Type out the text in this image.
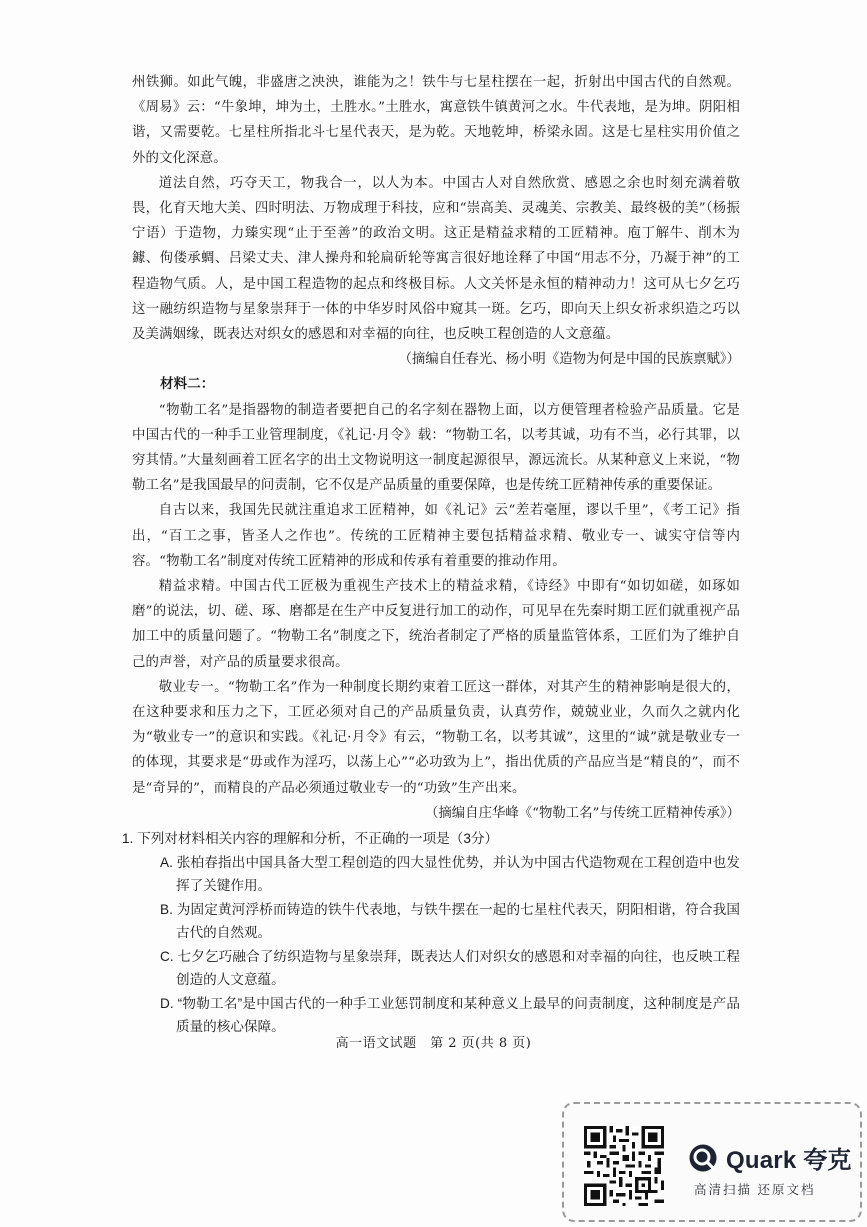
州铁狮。如此气魄，非盛唐之泱泱，谁能为之！铁牛与七星柱摆在一起，折射出中国古代的自然观。《周易》云：“牛象坤，坤为土，土胜水。”土胜水，寓意铁牛镇黄河之水。牛代表地，是为坤。阴阳相谐，又需要乾。七星柱所指北斗七星代表天，是为乾。天地乾坤，桥梁永固。这是七星柱实用价值之外的文化深意。

道法自然，巧夺天工，物我合一，以人为本。中国古人对自然欣赏、感恩之余也时刻充满着敬畏，化育天地大美、四时明法、万物成理于科技，应和“崇高美、灵魂美、宗教美、最终极的美”（杨振宁语）于造物，力臻实现“止于至善”的政治文明。这正是精益求精的工匠精神。庖丁解牛、削木为鐻、佝偻承蜩、吕梁丈夫、津人操舟和轮扁斫轮等寓言很好地诠释了中国“用志不分，乃凝于神”的工程造物气质。人，是中国工程造物的起点和终极目标。人文关怀是永恒的精神动力！这可从七夕乞巧这一融纺织造物与星象崇拜于一体的中华岁时风俗中窥其一斑。乞巧，即向天上织女祈求织造之巧以及美满姻缘，既表达对织女的感恩和对幸福的向往，也反映工程创造的人文意蕴。

（摘编自任春光、杨小明《造物为何是中国的民族禀赋》）

材料二：

“物勒工名”是指器物的制造者要把自己的名字刻在器物上面，以方便管理者检验产品质量。它是中国古代的一种手工业管理制度，《礼记·月令》载：“物勒工名，以考其诚，功有不当，必行其罪，以穷其情。”大量刻画着工匠名字的出土文物说明这一制度起源很早，源远流长。从某种意义上来说，“物勒工名”是我国最早的问责制，它不仅是产品质量的重要保障，也是传统工匠精神传承的重要保证。

自古以来，我国先民就注重追求工匠精神，如《礼记》云“差若毫厘，谬以千里”，《考工记》指出，“百工之事，皆圣人之作也”。传统的工匠精神主要包括精益求精、敬业专一、诚实守信等内容。“物勒工名”制度对传统工匠精神的形成和传承有着重要的推动作用。

精益求精。中国古代工匠极为重视生产技术上的精益求精，《诗经》中即有“如切如磋，如琢如磨”的说法，切、磋、琢、磨都是在生产中反复进行加工的动作，可见早在先秦时期工匠们就重视产品加工中的质量问题了。“物勒工名”制度之下，统治者制定了严格的质量监管体系，工匠们为了维护自己的声誉，对产品的质量要求很高。

敬业专一。“物勒工名”作为一种制度长期约束着工匠这一群体，对其产生的精神影响是很大的，在这种要求和压力之下，工匠必须对自己的产品质量负责，认真劳作，兢兢业业，久而久之就内化为“敬业专一”的意识和实践。《礼记·月令》有云，“物勒工名，以考其诚”，这里的“诚”就是敬业专一的体现，其要求是“毋或作为淫巧，以荡上心”“必功致为上”，指出优质的产品应当是“精良的”，而不是“奇异的”，而精良的产品必须通过敬业专一的“功致”生产出来。

（摘编自庄华峰《“物勒工名”与传统工匠精神传承》）

1. 下列对材料相关内容的理解和分析，不正确的一项是（3分）

A. 张柏春指出中国具备大型工程创造的四大显性优势，并认为中国古代造物观在工程创造中也发挥了关键作用。
B. 为固定黄河浮桥而铸造的铁牛代表地，与铁牛摆在一起的七星柱代表天，阴阳相谐，符合我国古代的自然观。
C. 七夕乞巧融合了纺织造物与星象崇拜，既表达人们对织女的感恩和对幸福的向往，也反映工程创造的人文意蕴。
D. “物勒工名”是中国古代的一种手工业惩罚制度和某种意义上最早的问责制度，这种制度是产品质量的核心保障。
高一语文试题　第 2 页(共 8 页)
Quark 夸克
高清扫描 还原文档
